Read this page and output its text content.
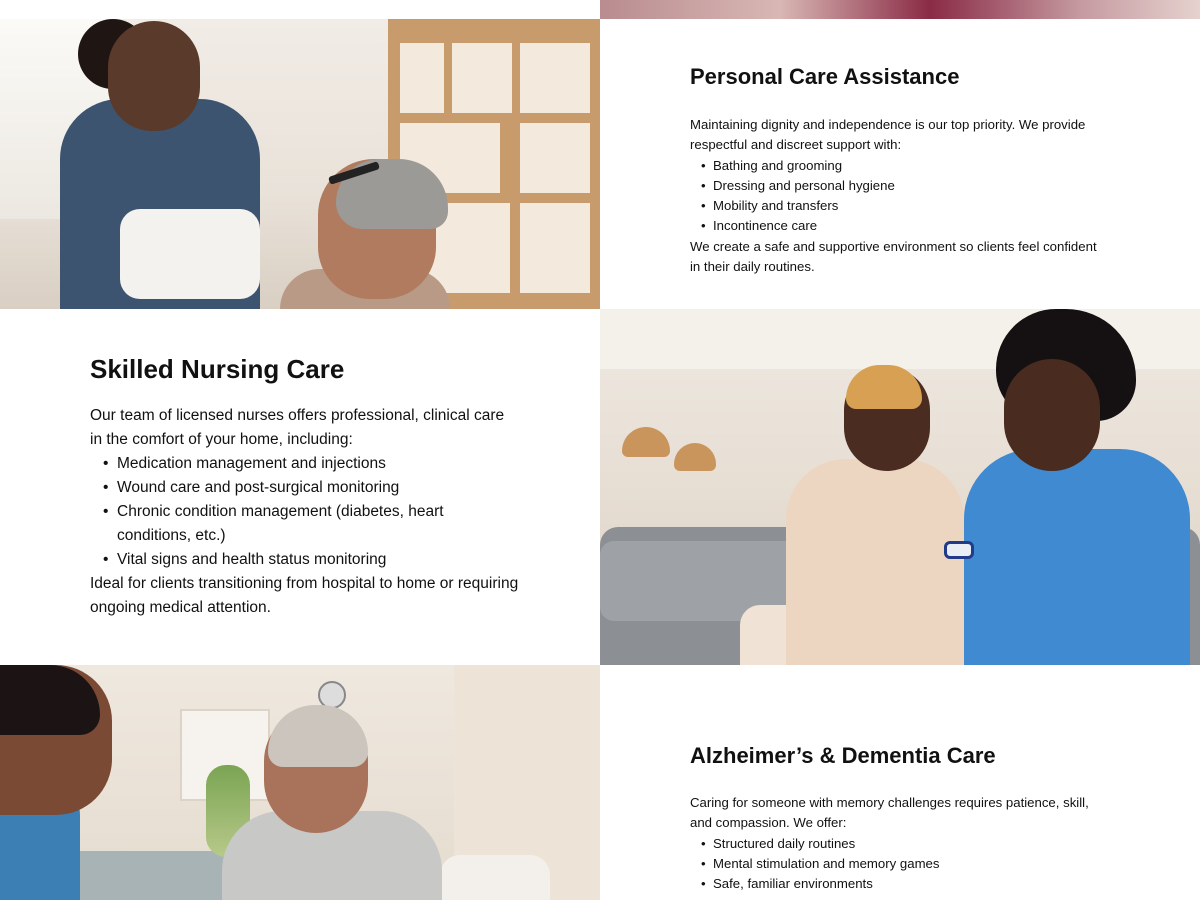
Personal Care Assistance

Maintaining dignity and independence is our top priority. We provide respectful and discreet support with:

• Bathing and grooming
• Dressing and personal hygiene
• Mobility and transfers
• Incontinence care

We create a safe and supportive environment so clients feel confident in their daily routines.

Skilled Nursing Care

Our team of licensed nurses offers professional, clinical care in the comfort of your home, including:

• Medication management and injections
• Wound care and post-surgical monitoring
• Chronic condition management (diabetes, heart conditions, etc.)
• Vital signs and health status monitoring

Ideal for clients transitioning from hospital to home or requiring ongoing medical attention.

Alzheimer’s & Dementia Care

Caring for someone with memory challenges requires patience, skill, and compassion. We offer:

• Structured daily routines
• Mental stimulation and memory games
• Safe, familiar environments
